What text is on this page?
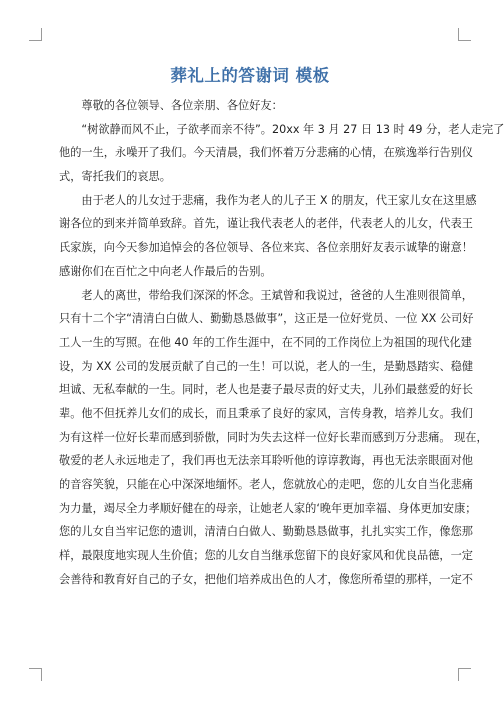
葬礼上的答谢词 模板
　　尊敬的各位领导、各位亲朋、各位好友：
　　“树欲静而风不止，子欲孝而亲不待”。20xx 年 3 月 27 日 13 时 49 分，老人走完了
他的一生，永噪开了我们。今天清晨，我们怀着万分悲痛的心情，在殡逸举行告别仪
式，寄托我们的哀思。
　　由于老人的儿女过于悲痛，我作为老人的儿子王 X 的朋友，代王家儿女在这里感
谢各位的到来并简单致辞。首先，谨让我代表老人的老伴，代表老人的儿女，代表王
氏家族，向今天参加追悼会的各位领导、各位来宾、各位亲朋好友表示诚挚的谢意！
感谢你们在百忙之中向老人作最后的告别。
　　老人的离世，带给我们深深的怀念。王斌曾和我说过，爸爸的人生准则很简单，
只有十二个字“清清白白做人、勤勤恳恳做事”，这正是一位好党员、一位 XX 公司好
工人一生的写照。在他 40 年的工作生涯中，在不同的工作岗位上为祖国的现代化建
设，为 XX 公司的发展贡献了自己的一生！可以说，老人的一生，是勤恳踏实、稳健
坦诚、无私奉献的一生。同时，老人也是妻子最尽责的好丈夫，儿孙们最慈爱的好长
辈。他不但抚养儿女们的成长，而且秉承了良好的家风，言传身教，培养儿女。我们
为有这样一位好长辈而感到骄傲，同时为失去这样一位好长辈而感到万分悲痛。 现在，
敬爱的老人永远地走了，我们再也无法亲耳聆听他的谆谆教诲，再也无法亲眼面对他
的音容笑貌，只能在心中深深地缅怀。老人，您就放心的走吧，您的儿女自当化悲痛
为力量，竭尽全力孝顺好健在的母亲，让她老人家的‘晚年更加幸福、身体更加安康；
您的儿女自当牢记您的遗训，清清白白做人、勤勤恳恳做事，扎扎实实工作，像您那
样，最限度地实现人生价值；您的儿女自当继承您留下的良好家风和优良品德，一定
会善待和教育好自己的子女，把他们培养成出色的人才，像您所希望的那样，一定不
